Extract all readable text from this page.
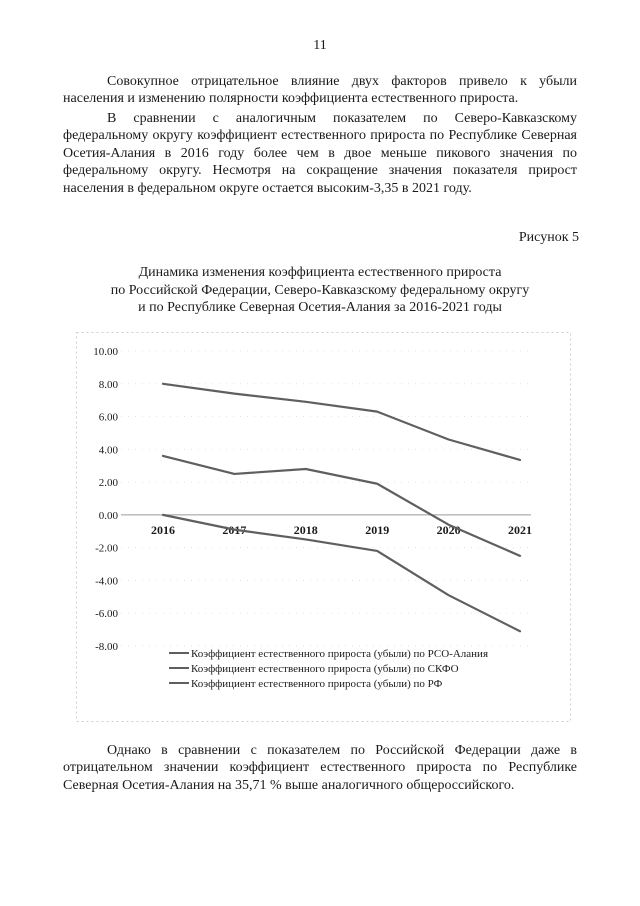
11

Совокупное отрицательное влияние двух факторов привело к убыли населения и изменению полярности коэффициента естественного прироста.

В сравнении с аналогичным показателем по Северо-Кавказскому федеральному округу коэффициент естественного прироста по Республике Северная Осетия-Алания в 2016 году более чем в двое меньше пикового значения по федеральному округу. Несмотря на сокращение значения показателя прирост населения в федеральном округе остается высоким-3,35 в 2021 году.

Рисунок 5
Динамика изменения коэффициента естественного прироста
по Российской Федерации, Северо-Кавказскому федеральному округу
и по Республике Северная Осетия-Алания за 2016-2021 годы
10.00
8.00
6.00
4.00
2.00
0.00
-2.00
-4.00
-6.00
-8.00
2016	2017	2018	2019	2020	2021
Коэффициент естественного прироста (убыли) по РСО-Алания
Коэффициент естественного прироста (убыли) по СКФО
Коэффициент естественного прироста (убыли) по РФ

Однако в сравнении с показателем по Российской Федерации даже в отрицательном значении коэффициент естественного прироста по Республике Северная Осетия-Алания на 35,71 % выше аналогичного общероссийского.
